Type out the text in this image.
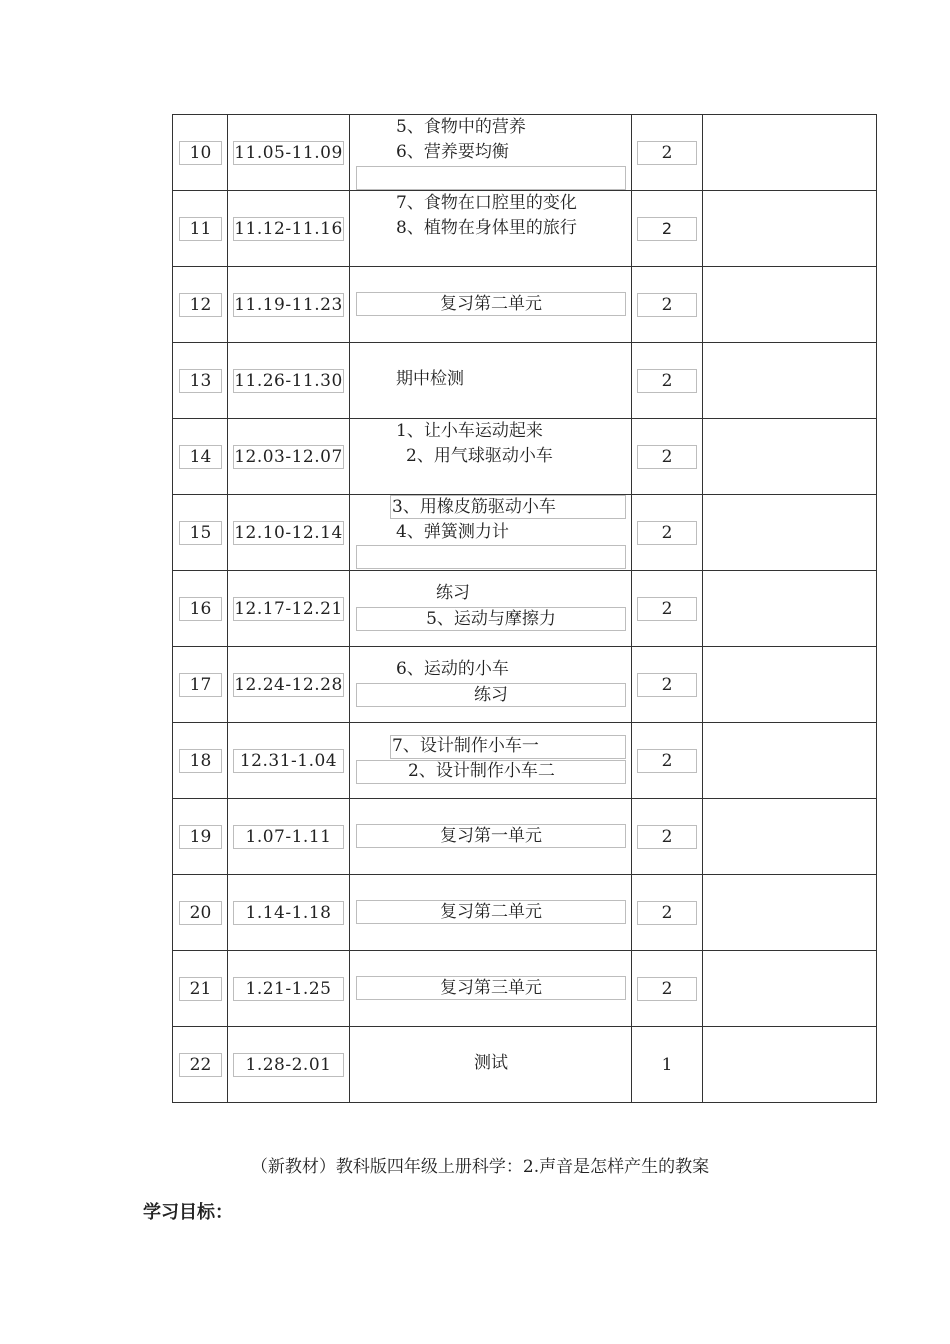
10	11.05-11.09	5、食物中的营养
6、营养要均衡	2	

11	11.12-11.16	7、食物在口腔里的变化
8、植物在身体里的旅行	2	

12	11.19-11.23	复习第二单元	2	

13	11.26-11.30	期中检测	2	

14	12.03-12.07	1、让小车运动起来
2、用气球驱动小车	2	

15	12.10-12.14	3、用橡皮筋驱动小车
4、弹簧测力计	2	

16	12.17-12.21	练习
5、运动与摩擦力	2	

17	12.24-12.28	6、运动的小车
练习	2	

18	12.31-1.04	7、设计制作小车一
2、设计制作小车二	2	

19	1.07-1.11	复习第一单元	2	

20	1.14-1.18	复习第二单元	2	

21	1.21-1.25	复习第三单元	2	

22	1.28-2.01	测试	1	

（新教材）教科版四年级上册科学：2.声音是怎样产生的教案
学习目标：
